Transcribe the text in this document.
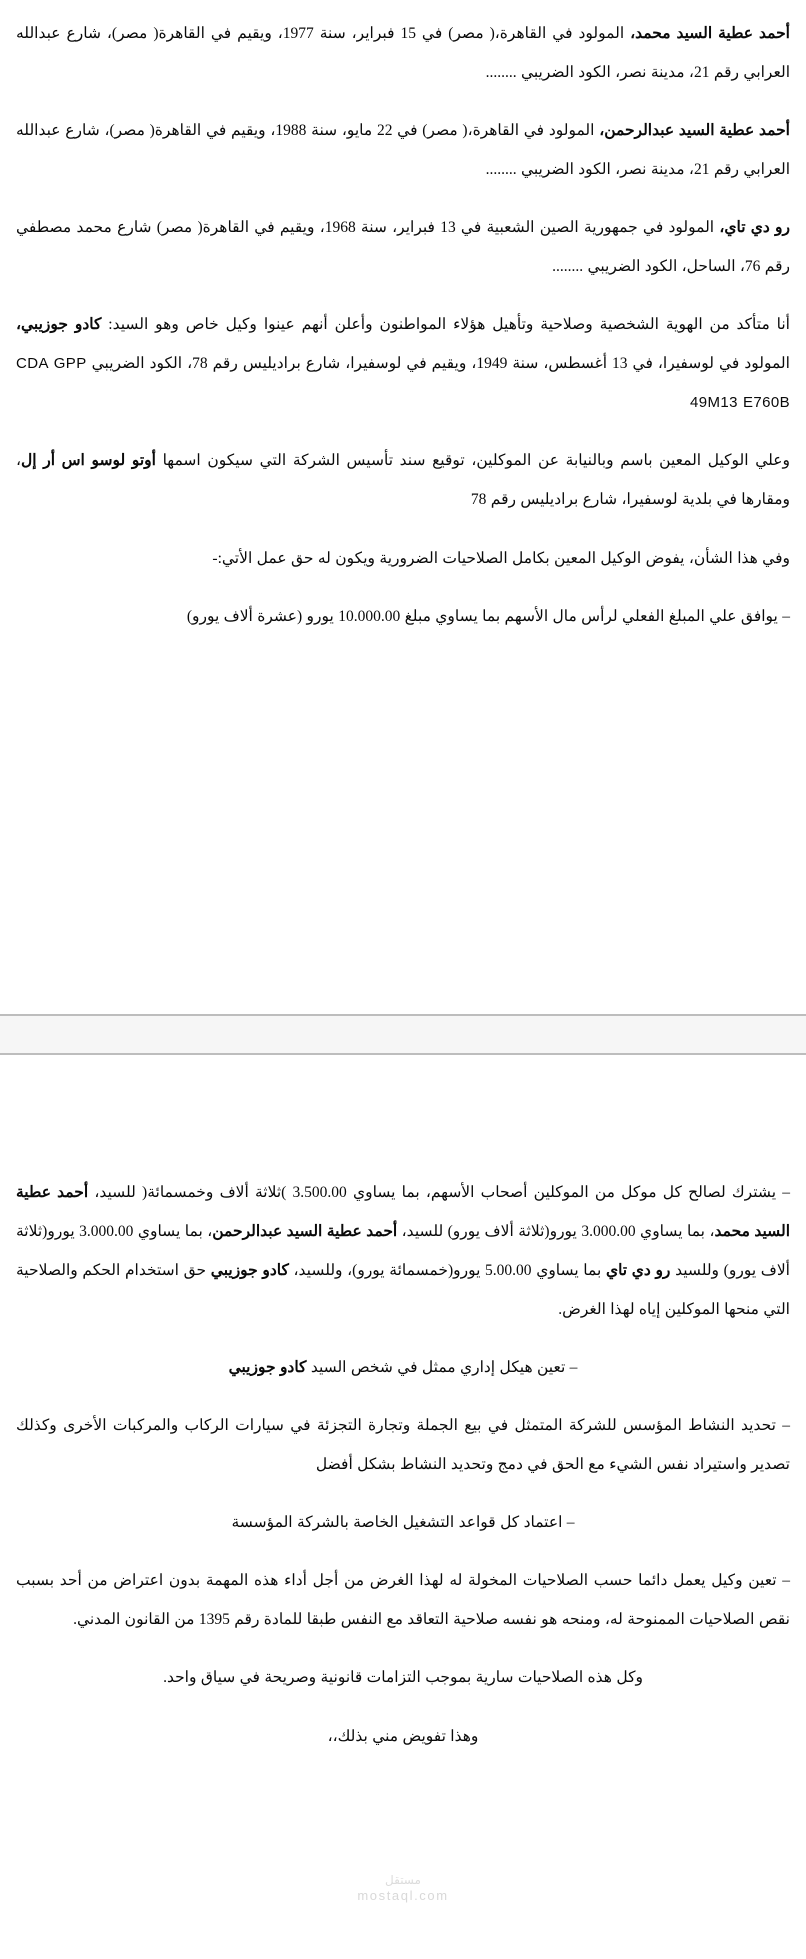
أحمد عطية السيد محمد، المولود في القاهرة،( مصر) في 15 فبراير، سنة 1977، ويقيم في القاهرة( مصر)، شارع عبدالله العرابي رقم 21، مدينة نصر، الكود الضريبي ........

أحمد عطية السيد عبدالرحمن، المولود في القاهرة،( مصر) في 22 مايو، سنة 1988، ويقيم في القاهرة( مصر)، شارع عبدالله العرابي رقم 21، مدينة نصر، الكود الضريبي ........

رو دي تاي، المولود في جمهورية الصين الشعبية في 13 فبراير، سنة 1968، ويقيم في القاهرة( مصر) شارع محمد مصطفي رقم 76، الساحل، الكود الضريبي ........

أنا متأكد من الهوية الشخصية وصلاحية وتأهيل هؤلاء المواطنون وأعلن أنهم عينوا وكيل خاص وهو السيد: كادو جوزيبي، المولود في لوسفيرا، في 13 أغسطس، سنة 1949، ويقيم في لوسفيرا، شارع براديليس رقم 78، الكود الضريبي CDA GPP 49M13 E760B

وعلي الوكيل المعين باسم وبالنيابة عن الموكلين، توقيع سند تأسيس الشركة التي سيكون اسمها أوتو لوسو اس أر إل، ومقارها في بلدية لوسفيرا، شارع براديليس رقم 78

وفي هذا الشأن، يفوض الوكيل المعين بكامل الصلاحيات الضرورية ويكون له حق عمل الأتي:-

– يوافق علي المبلغ الفعلي لرأس مال الأسهم بما يساوي مبلغ 10.000.00 يورو (عشرة ألاف يورو)

– يشترك لصالح كل موكل من الموكلين أصحاب الأسهم، بما يساوي 3.500.00 )ثلاثة ألاف وخمسمائة( للسيد، أحمد عطية السيد محمد، بما يساوي 3.000.00 يورو(ثلاثة ألاف يورو) للسيد، أحمد عطية السيد عبدالرحمن، بما يساوي 3.000.00 يورو(ثلاثة ألاف يورو) وللسيد رو دي تاي بما يساوي 5.00.00 يورو(خمسمائة يورو)، وللسيد، كادو جوزيبي حق استخدام الحكم والصلاحية التي منحها الموكلين إياه لهذا الغرض.

– تعين هيكل إداري ممثل في شخص السيد كادو جوزيبي

– تحديد النشاط المؤسس للشركة المتمثل في بيع الجملة وتجارة التجزئة في سيارات الركاب والمركبات الأخرى وكذلك تصدير واستيراد نفس الشيء مع الحق في دمج وتحديد النشاط بشكل أفضل

– اعتماد كل قواعد التشغيل الخاصة بالشركة المؤسسة

– تعين وكيل يعمل دائما حسب الصلاحيات المخولة له لهذا الغرض من أجل أداء هذه المهمة بدون اعتراض من أحد بسبب نقص الصلاحيات الممنوحة له، ومنحه هو نفسه صلاحية التعاقد مع النفس طبقا للمادة رقم 1395 من القانون المدني.

وكل هذه الصلاحيات سارية بموجب التزامات قانونية وصريحة في سياق واحد.

وهذا تفويض مني بذلك،،

مستقل
mostaql.com
